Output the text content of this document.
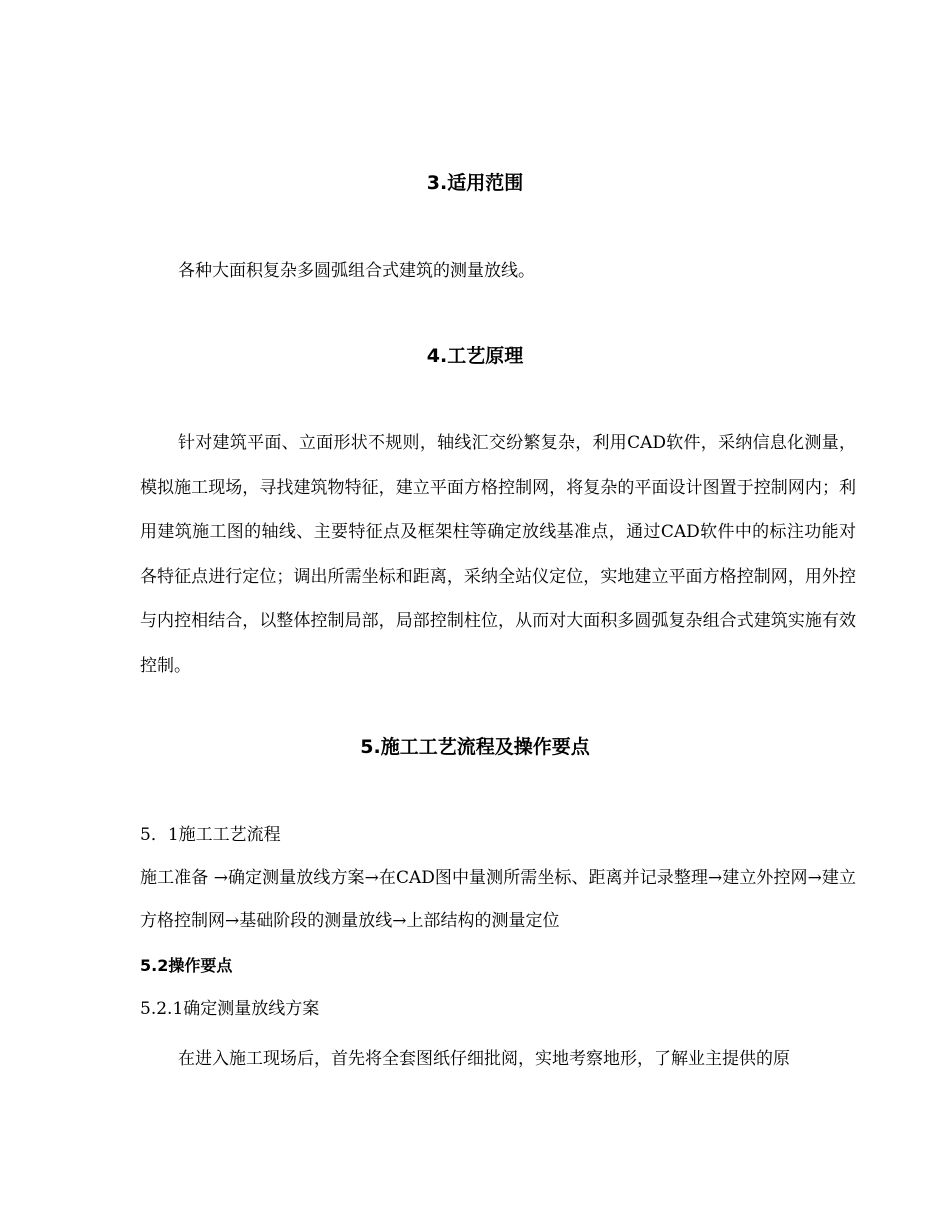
3.适用范围

各种大面积复杂多圆弧组合式建筑的测量放线。

4.工艺原理

针对建筑平面、立面形状不规则，轴线汇交纷繁复杂，利用CAD软件，采纳信息化测量，模拟施工现场，寻找建筑物特征，建立平面方格控制网，将复杂的平面设计图置于控制网内；利用建筑施工图的轴线、主要特征点及框架柱等确定放线基准点，通过CAD软件中的标注功能对各特征点进行定位；调出所需坐标和距离，采纳全站仪定位，实地建立平面方格控制网，用外控与内控相结合，以整体控制局部，局部控制柱位，从而对大面积多圆弧复杂组合式建筑实施有效控制。

5.施工工艺流程及操作要点

5．1施工工艺流程

施工准备 →确定测量放线方案→在CAD图中量测所需坐标、距离并记录整理→建立外控网→建立方格控制网→基础阶段的测量放线→上部结构的测量定位

5.2操作要点

5.2.1确定测量放线方案

在进入施工现场后，首先将全套图纸仔细批阅，实地考察地形，了解业主提供的原
